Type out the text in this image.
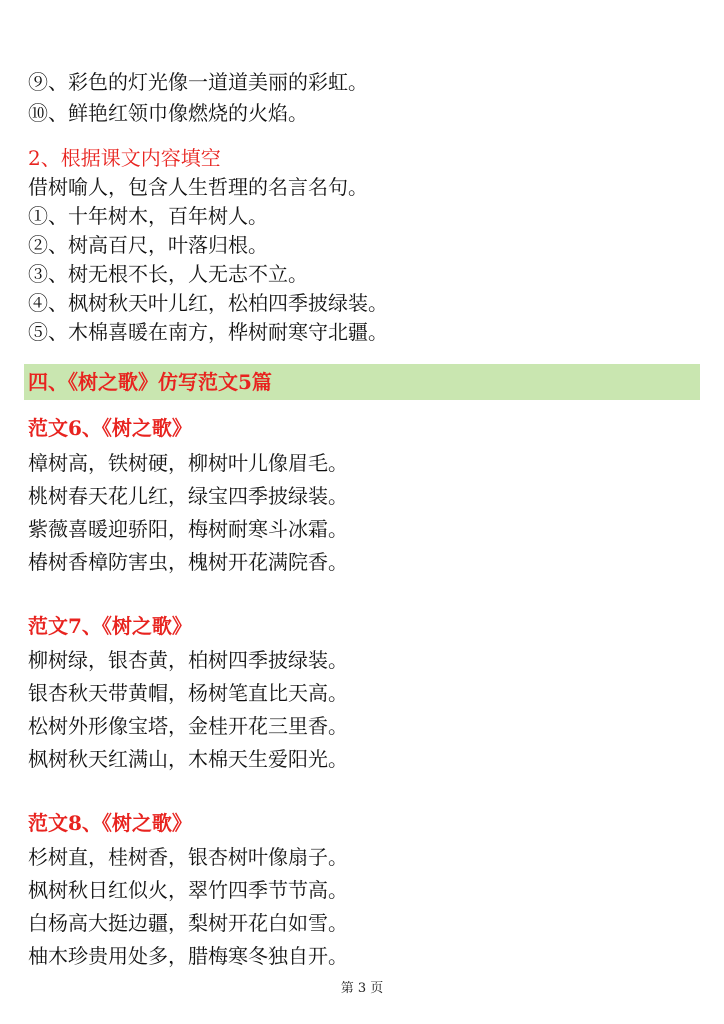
⑨、彩色的灯光像一道道美丽的彩虹。
⑩、鲜艳红领巾像燃烧的火焰。
2、根据课文内容填空
借树喻人，包含人生哲理的名言名句。
①、十年树木，百年树人。
②、树高百尺，叶落归根。
③、树无根不长，人无志不立。
④、枫树秋天叶儿红，松柏四季披绿装。
⑤、木棉喜暖在南方，桦树耐寒守北疆。
四、《树之歌》仿写范文5篇
范文6、《树之歌》
樟树高，铁树硬，柳树叶儿像眉毛。
桃树春天花儿红，绿宝四季披绿装。
紫薇喜暖迎骄阳，梅树耐寒斗冰霜。
椿树香樟防害虫，槐树开花满院香。
范文7、《树之歌》
柳树绿，银杏黄，柏树四季披绿装。
银杏秋天带黄帽，杨树笔直比天高。
松树外形像宝塔，金桂开花三里香。
枫树秋天红满山，木棉天生爱阳光。
范文8、《树之歌》
杉树直，桂树香，银杏树叶像扇子。
枫树秋日红似火，翠竹四季节节高。
白杨高大挺边疆，梨树开花白如雪。
柚木珍贵用处多，腊梅寒冬独自开。
第 3 页
